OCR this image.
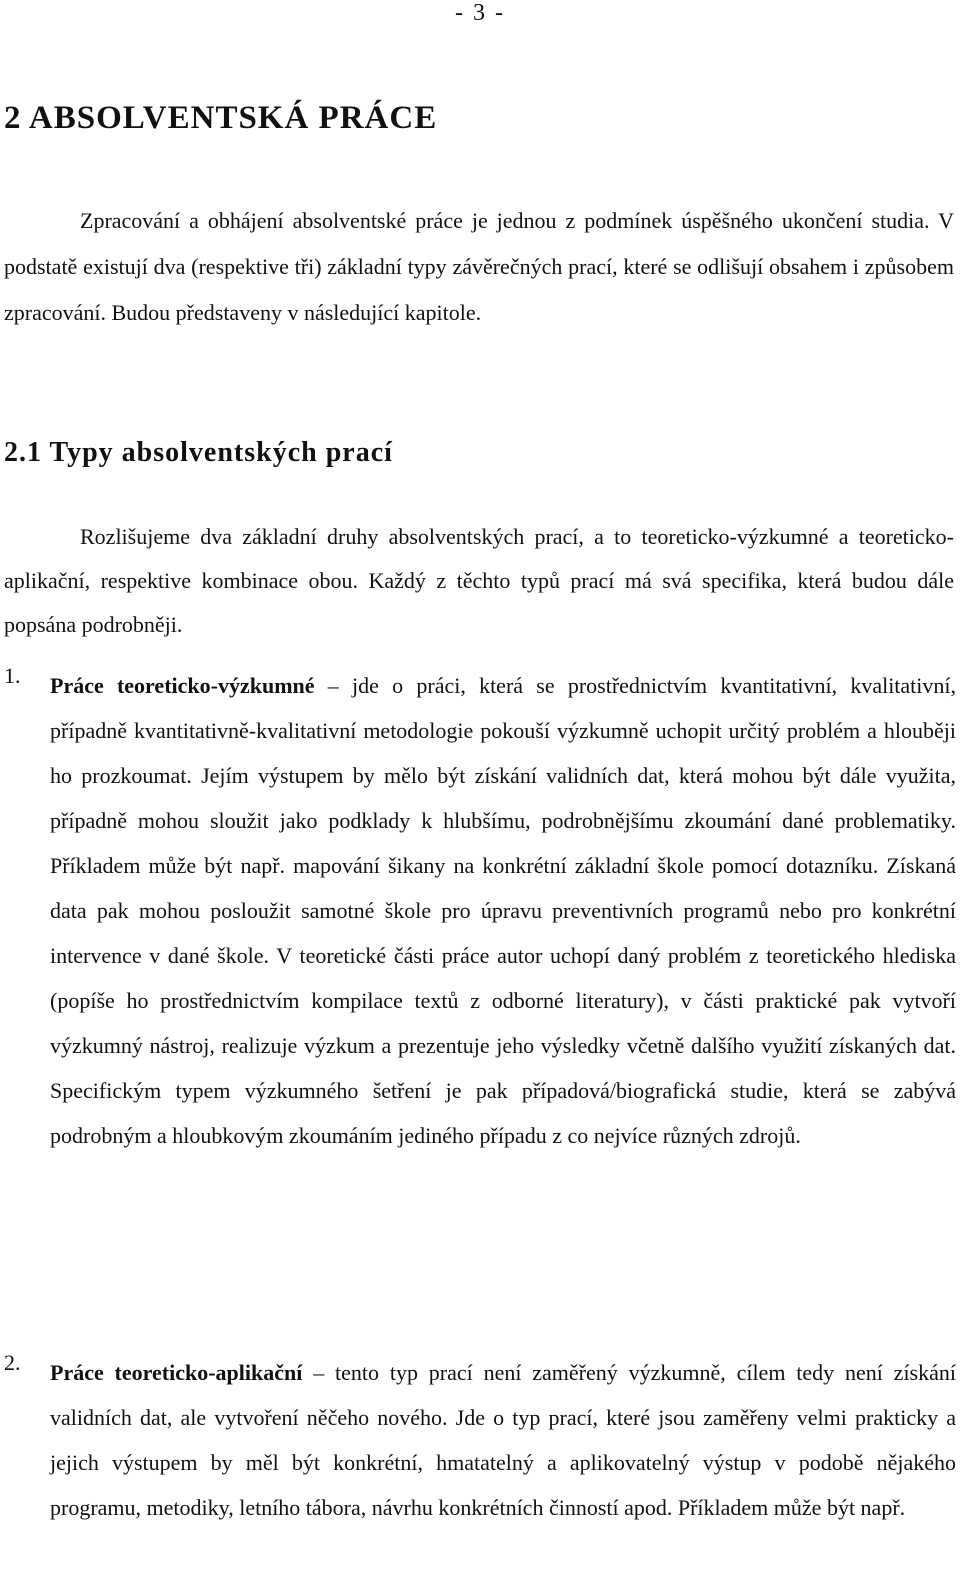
- 3 -
2 ABSOLVENTSKÁ PRÁCE

Zpracování a obhájení absolventské práce je jednou z podmínek úspěšného ukončení studia. V podstatě existují dva (respektive tři) základní typy závěrečných prací, které se odlišují obsahem i způsobem zpracování. Budou představeny v následující kapitole.

2.1 Typy absolventských prací

Rozlišujeme dva základní druhy absolventských prací, a to teoreticko-výzkumné a teoreticko-aplikační, respektive kombinace obou. Každý z těchto typů prací má svá specifika, která budou dále popsána podrobněji.

1. Práce teoreticko-výzkumné – jde o práci, která se prostřednictvím kvantitativní, kvalitativní, případně kvantitativně-kvalitativní metodologie pokouší výzkumně uchopit určitý problém a hlouběji ho prozkoumat. Jejím výstupem by mělo být získání validních dat, která mohou být dále využita, případně mohou sloužit jako podklady k hlubšímu, podrobnějšímu zkoumání dané problematiky. Příkladem může být např. mapování šikany na konkrétní základní škole pomocí dotazníku. Získaná data pak mohou posloužit samotné škole pro úpravu preventivních programů nebo pro konkrétní intervence v dané škole. V teoretické části práce autor uchopí daný problém z teoretického hlediska (popíše ho prostřednictvím kompilace textů z odborné literatury), v části praktické pak vytvoří výzkumný nástroj, realizuje výzkum a prezentuje jeho výsledky včetně dalšího využití získaných dat. Specifickým typem výzkumného šetření je pak případová/biografická studie, která se zabývá podrobným a hloubkovým zkoumáním jediného případu z co nejvíce různých zdrojů.

2. Práce teoreticko-aplikační – tento typ prací není zaměřený výzkumně, cílem tedy není získání validních dat, ale vytvoření něčeho nového. Jde o typ prací, které jsou zaměřeny velmi prakticky a jejich výstupem by měl být konkrétní, hmatatelný a aplikovatelný výstup v podobě nějakého programu, metodiky, letního tábora, návrhu konkrétních činností apod. Příkladem může být např.
